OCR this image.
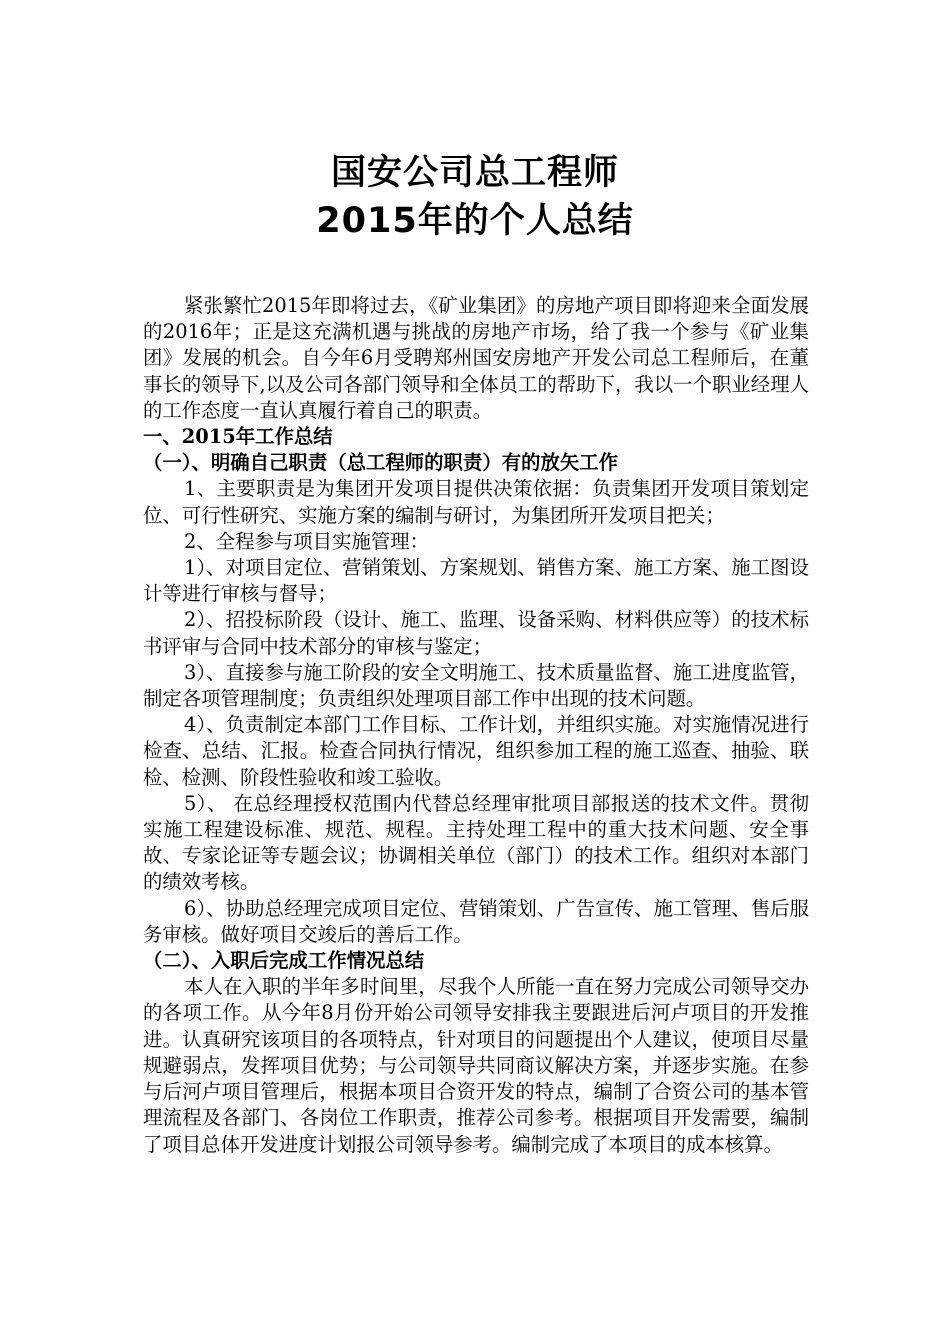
国安公司总工程师
2015年的个人总结

紧张繁忙2015年即将过去，《矿业集团》的房地产项目即将迎来全面发展的2016年；正是这充满机遇与挑战的房地产市场，给了我一个参与《矿业集团》发展的机会。自今年6月受聘郑州国安房地产开发公司总工程师后，在董事长的领导下,以及公司各部门领导和全体员工的帮助下，我以一个职业经理人的工作态度一直认真履行着自己的职责。

一、2015年工作总结

（一）、明确自己职责（总工程师的职责）有的放矢工作

1、主要职责是为集团开发项目提供决策依据：负责集团开发项目策划定位、可行性研究、实施方案的编制与研讨，为集团所开发项目把关；

2、全程参与项目实施管理：

1）、对项目定位、营销策划、方案规划、销售方案、施工方案、施工图设计等进行审核与督导；

2）、招投标阶段（设计、施工、监理、设备采购、材料供应等）的技术标书评审与合同中技术部分的审核与鉴定；

3）、直接参与施工阶段的安全文明施工、技术质量监督、施工进度监管，制定各项管理制度；负责组织处理项目部工作中出现的技术问题。

4）、负责制定本部门工作目标、工作计划，并组织实施。对实施情况进行检查、总结、汇报。检查合同执行情况，组织参加工程的施工巡查、抽验、联检、检测、阶段性验收和竣工验收。

5）、 在总经理授权范围内代替总经理审批项目部报送的技术文件。贯彻实施工程建设标准、规范、规程。主持处理工程中的重大技术问题、安全事故、专家论证等专题会议；协调相关单位（部门）的技术工作。组织对本部门的绩效考核。

6）、协助总经理完成项目定位、营销策划、广告宣传、施工管理、售后服务审核。做好项目交竣后的善后工作。

（二）、入职后完成工作情况总结

本人在入职的半年多时间里，尽我个人所能一直在努力完成公司领导交办的各项工作。从今年8月份开始公司领导安排我主要跟进后河卢项目的开发推进。认真研究该项目的各项特点，针对项目的问题提出个人建议，使项目尽量规避弱点，发挥项目优势；与公司领导共同商议解决方案，并逐步实施。在参与后河卢项目管理后，根据本项目合资开发的特点，编制了合资公司的基本管理流程及各部门、各岗位工作职责，推荐公司参考。根据项目开发需要，编制了项目总体开发进度计划报公司领导参考。编制完成了本项目的成本核算。
